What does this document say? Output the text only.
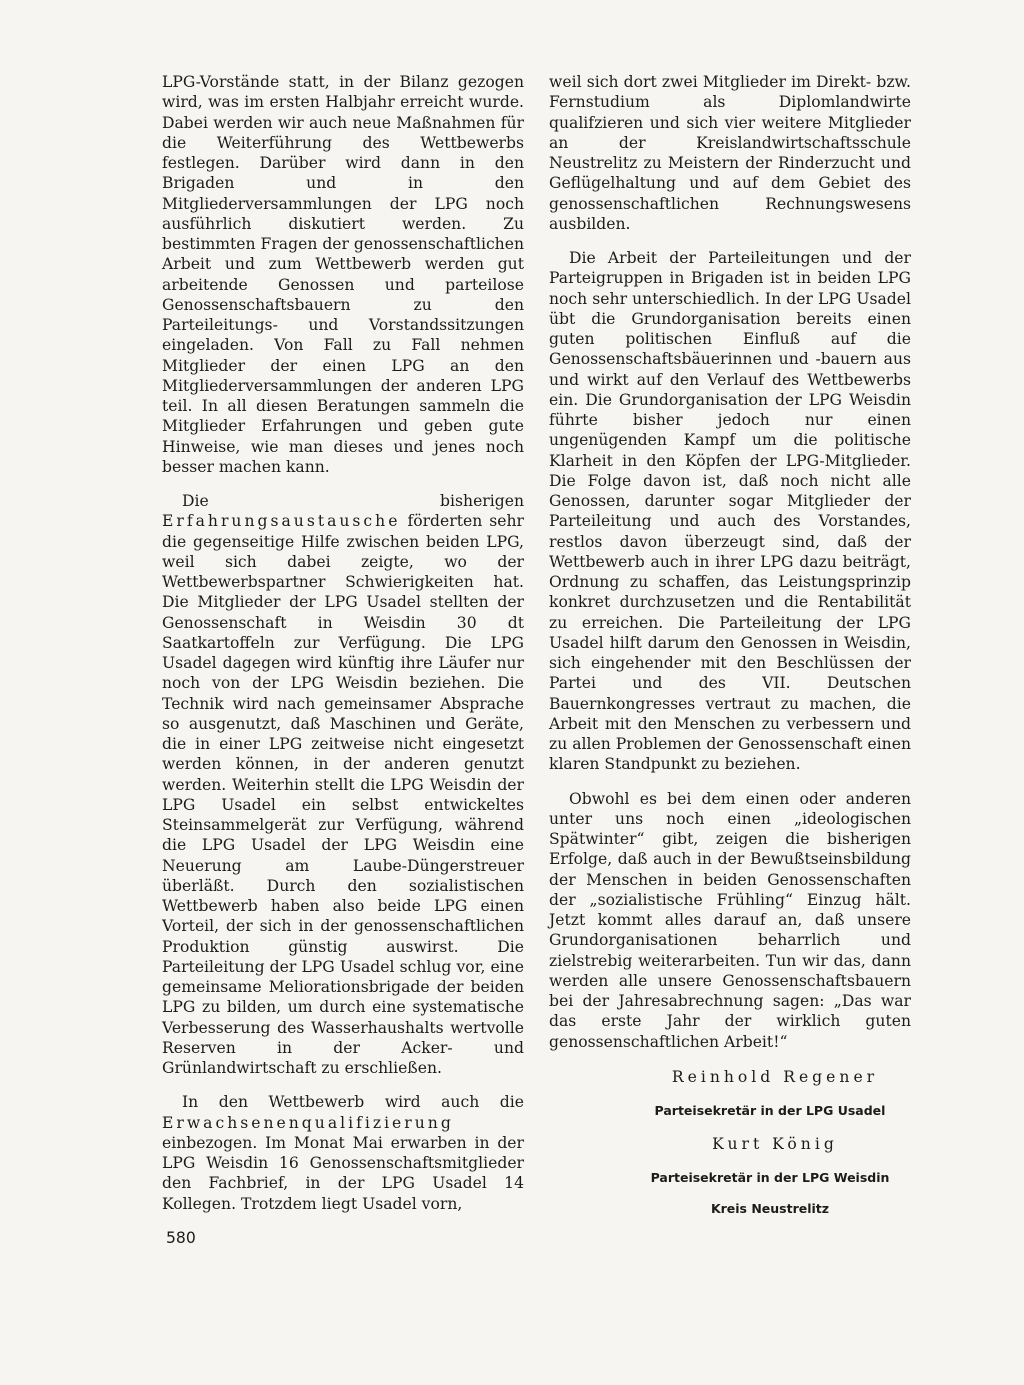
LPG-Vorstände statt, in der Bilanz gezogen wird, was im ersten Halbjahr erreicht wurde. Dabei werden wir auch neue Maßnahmen für die Weiterführung des Wettbewerbs festlegen. Darüber wird dann in den Brigaden und in den Mitgliederversammlungen der LPG noch ausführlich diskutiert werden. Zu bestimmten Fragen der genossenschaftlichen Arbeit und zum Wettbewerb werden gut arbeitende Genossen und parteilose Genossenschaftsbauern zu den Parteileitungs- und Vorstandssitzungen eingeladen. Von Fall zu Fall nehmen Mitglieder der einen LPG an den Mitgliederversammlungen der anderen LPG teil. In all diesen Beratungen sammeln die Mitglieder Erfahrungen und geben gute Hinweise, wie man dieses und jenes noch besser machen kann.

Die bisherigen Erfahrungsaustausche förderten sehr die gegenseitige Hilfe zwischen beiden LPG, weil sich dabei zeigte, wo der Wettbewerbspartner Schwierigkeiten hat. Die Mitglieder der LPG Usadel stellten der Genossenschaft in Weisdin 30 dt Saatkartoffeln zur Verfügung. Die LPG Usadel dagegen wird künftig ihre Läufer nur noch von der LPG Weisdin beziehen. Die Technik wird nach gemeinsamer Absprache so ausgenutzt, daß Maschinen und Geräte, die in einer LPG zeitweise nicht eingesetzt werden können, in der anderen genutzt werden. Weiterhin stellt die LPG Weisdin der LPG Usadel ein selbst entwickeltes Steinsammelgerät zur Verfügung, während die LPG Usadel der LPG Weisdin eine Neuerung am Laube-Düngerstreuer überläßt. Durch den sozialistischen Wettbewerb haben also beide LPG einen Vorteil, der sich in der genossenschaftlichen Produktion günstig auswirst. Die Parteileitung der LPG Usadel schlug vor, eine gemeinsame Meliorationsbrigade der beiden LPG zu bilden, um durch eine systematische Verbesserung des Wasserhaushalts wertvolle Reserven in der Acker- und Grünlandwirtschaft zu erschließen.

In den Wettbewerb wird auch die Erwachsenenqualifizierung einbezogen. Im Monat Mai erwarben in der LPG Weisdin 16 Genossenschaftsmitglieder den Fachbrief, in der LPG Usadel 14 Kollegen. Trotzdem liegt Usadel vorn,

weil sich dort zwei Mitglieder im Direkt- bzw. Fernstudium als Diplomlandwirte qualifzieren und sich vier weitere Mitglieder an der Kreislandwirtschaftsschule Neustrelitz zu Meistern der Rinderzucht und Geflügelhaltung und auf dem Gebiet des genossenschaftlichen Rechnungswesens ausbilden.

Die Arbeit der Parteileitungen und der Parteigruppen in Brigaden ist in beiden LPG noch sehr unterschiedlich. In der LPG Usadel übt die Grundorganisation bereits einen guten politischen Einfluß auf die Genossenschaftsbäuerinnen und -bauern aus und wirkt auf den Verlauf des Wettbewerbs ein. Die Grundorganisation der LPG Weisdin führte bisher jedoch nur einen ungenügenden Kampf um die politische Klarheit in den Köpfen der LPG-Mitglieder. Die Folge davon ist, daß noch nicht alle Genossen, darunter sogar Mitglieder der Parteileitung und auch des Vorstandes, restlos davon überzeugt sind, daß der Wettbewerb auch in ihrer LPG dazu beiträgt, Ordnung zu schaffen, das Leistungsprinzip konkret durchzusetzen und die Rentabilität zu erreichen. Die Parteileitung der LPG Usadel hilft darum den Genossen in Weisdin, sich eingehender mit den Beschlüssen der Partei und des VII. Deutschen Bauernkongresses vertraut zu machen, die Arbeit mit den Menschen zu verbessern und zu allen Problemen der Genossenschaft einen klaren Standpunkt zu beziehen.

Obwohl es bei dem einen oder anderen unter uns noch einen „ideologischen Spätwinter“ gibt, zeigen die bisherigen Erfolge, daß auch in der Bewußtseinsbildung der Menschen in beiden Genossenschaften der „sozialistische Frühling“ Einzug hält. Jetzt kommt alles darauf an, daß unsere Grundorganisationen beharrlich und zielstrebig weiterarbeiten. Tun wir das, dann werden alle unsere Genossenschaftsbauern bei der Jahresabrechnung sagen: „Das war das erste Jahr der wirklich guten genossenschaftlichen Arbeit!“

Reinhold Regener

Parteisekretär in der LPG Usadel

Kurt König

Parteisekretär in der LPG Weisdin

Kreis Neustrelitz

580
